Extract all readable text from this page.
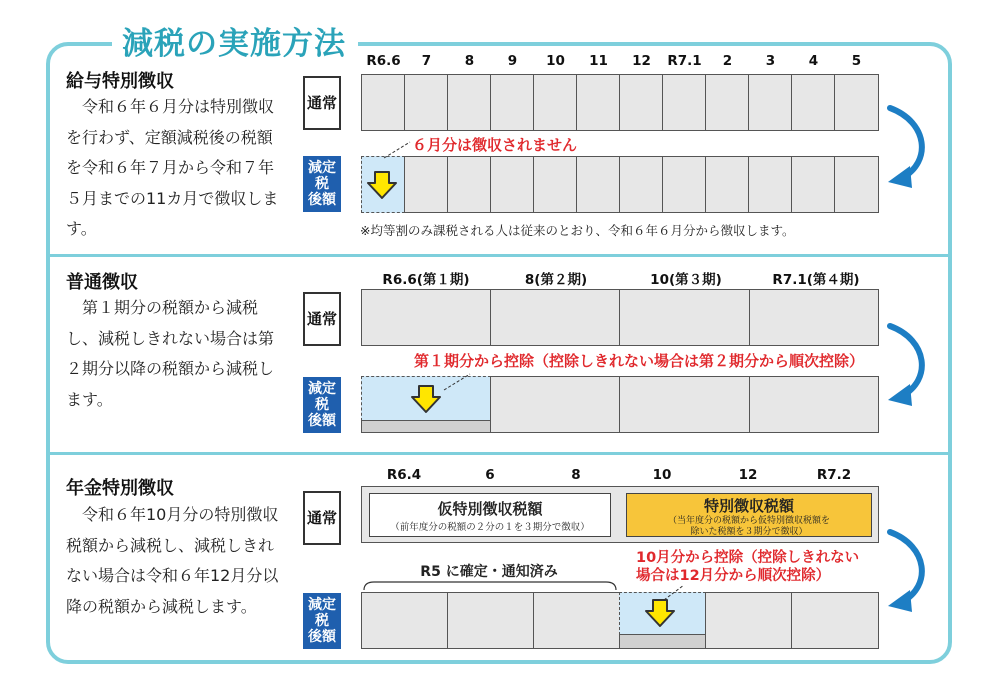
減税の実施方法
給与特別徴収
令和６年６月分は特別徴収を行わず、定額減税後の税額を令和６年７月から令和７年５月までの11カ月で徴収します。
R6.6	7	8	9	10	11	12	R7.1	2	3	4	5
通常
減定
税
後額
６月分は徴収されません
※均等割のみ課税される人は従来のとおり、令和６年６月分から徴収します。
普通徴収
第１期分の税額から減税し、減税しきれない場合は第２期分以降の税額から減税します。
R6.6(第１期)	8(第２期)	10(第３期)	R7.1(第４期)
通常
減定
税
後額
第１期分から控除（控除しきれない場合は第２期分から順次控除）
年金特別徴収
令和６年10月分の特別徴収税額から減税し、減税しきれない場合は令和６年12月分以降の税額から減税します。
R6.4	6	8	10	12	R7.2
通常
減定
税
後額
仮特別徴収税額
（前年度分の税額の２分の１を３期分で徴収）
特別徴収税額
（当年度分の税額から仮特別徴収税額を
除いた税額を３期分で徴収）
R5 に確定・通知済み
10月分から控除（控除しきれない
場合は12月分から順次控除）
